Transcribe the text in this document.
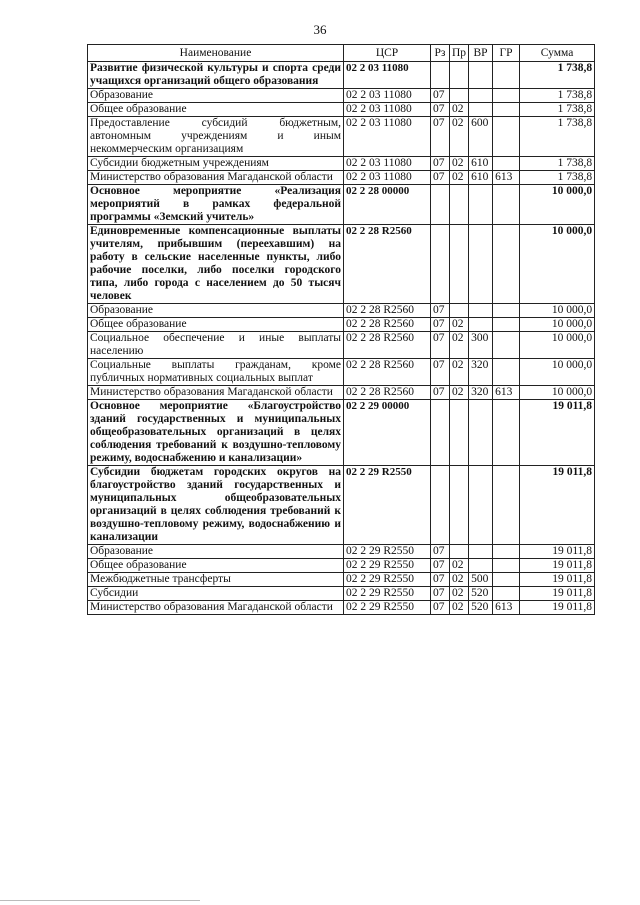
36
Наименование	ЦСР	Рз	Пр	ВР	ГР	Сумма
Развитие физической культуры и спорта среди учащихся организаций общего образования	02 2 03 11080					1 738,8
Образование	02 2 03 11080	07				1 738,8
Общее образование	02 2 03 11080	07	02			1 738,8
Предоставление субсидий бюджетным, автономным учреждениям и иным некоммерческим организациям	02 2 03 11080	07	02	600		1 738,8
Субсидии бюджетным учреждениям	02 2 03 11080	07	02	610		1 738,8
Министерство образования Магаданской области	02 2 03 11080	07	02	610	613	1 738,8
Основное мероприятие «Реализация мероприятий в рамках федеральной программы «Земский учитель»	02 2 28 00000					10 000,0
Единовременные компенсационные выплаты учителям, прибывшим (переехавшим) на работу в сельские населенные пункты, либо рабочие поселки, либо поселки городского типа, либо города с населением до 50 тысяч человек	02 2 28 R2560					10 000,0
Образование	02 2 28 R2560	07				10 000,0
Общее образование	02 2 28 R2560	07	02			10 000,0
Социальное обеспечение и иные выплаты населению	02 2 28 R2560	07	02	300		10 000,0
Социальные выплаты гражданам, кроме публичных нормативных социальных выплат	02 2 28 R2560	07	02	320		10 000,0
Министерство образования Магаданской области	02 2 28 R2560	07	02	320	613	10 000,0
Основное мероприятие «Благоустройство зданий государственных и муниципальных общеобразовательных организаций в целях соблюдения требований к воздушно-тепловому режиму, водоснабжению и канализации»	02 2 29 00000					19 011,8
Субсидии бюджетам городских округов на благоустройство зданий государственных и муниципальных общеобразовательных организаций в целях соблюдения требований к воздушно-тепловому режиму, водоснабжению и канализации	02 2 29 R2550					19 011,8
Образование	02 2 29 R2550	07				19 011,8
Общее образование	02 2 29 R2550	07	02			19 011,8
Межбюджетные трансферты	02 2 29 R2550	07	02	500		19 011,8
Субсидии	02 2 29 R2550	07	02	520		19 011,8
Министерство образования Магаданской области	02 2 29 R2550	07	02	520	613	19 011,8
